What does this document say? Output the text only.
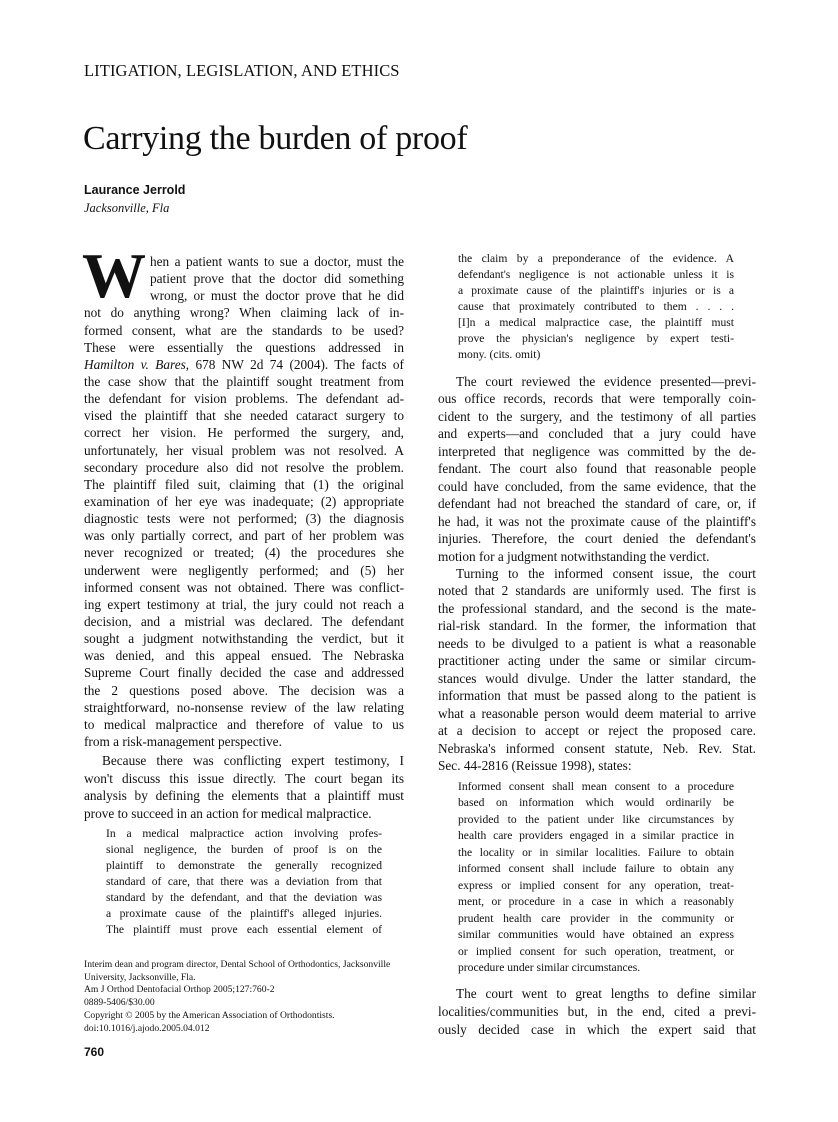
LITIGATION, LEGISLATION, AND ETHICS
Carrying the burden of proof
Laurance Jerrold
Jacksonville, Fla
W hen a patient wants to sue a doctor, must the
patient prove that the doctor did something
wrong, or must the doctor prove that he did
not do anything wrong? When claiming lack of in-
formed consent, what are the standards to be used?
These were essentially the questions addressed in
Hamilton v. Bares, 678 NW 2d 74 (2004). The facts of
the case show that the plaintiff sought treatment from
the defendant for vision problems. The defendant ad-
vised the plaintiff that she needed cataract surgery to
correct her vision. He performed the surgery, and,
unfortunately, her visual problem was not resolved. A
secondary procedure also did not resolve the problem.
The plaintiff filed suit, claiming that (1) the original
examination of her eye was inadequate; (2) appropriate
diagnostic tests were not performed; (3) the diagnosis
was only partially correct, and part of her problem was
never recognized or treated; (4) the procedures she
underwent were negligently performed; and (5) her
informed consent was not obtained. There was conflict-
ing expert testimony at trial, the jury could not reach a
decision, and a mistrial was declared. The defendant
sought a judgment notwithstanding the verdict, but it
was denied, and this appeal ensued. The Nebraska
Supreme Court finally decided the case and addressed
the 2 questions posed above. The decision was a
straightforward, no-nonsense review of the law relating
to medical malpractice and therefore of value to us
from a risk-management perspective.
Because there was conflicting expert testimony, I
won't discuss this issue directly. The court began its
analysis by defining the elements that a plaintiff must
prove to succeed in an action for medical malpractice.
In a medical malpractice action involving profes-
sional negligence, the burden of proof is on the
plaintiff to demonstrate the generally recognized
standard of care, that there was a deviation from that
standard by the defendant, and that the deviation was
a proximate cause of the plaintiff's alleged injuries.
The plaintiff must prove each essential element of
the claim by a preponderance of the evidence. A
defendant's negligence is not actionable unless it is
a proximate cause of the plaintiff's injuries or is a
cause that proximately contributed to them . . . .
[I]n a medical malpractice case, the plaintiff must
prove the physician's negligence by expert testi-
mony. (cits. omit)
The court reviewed the evidence presented—previ-
ous office records, records that were temporally coin-
cident to the surgery, and the testimony of all parties
and experts—and concluded that a jury could have
interpreted that negligence was committed by the de-
fendant. The court also found that reasonable people
could have concluded, from the same evidence, that the
defendant had not breached the standard of care, or, if
he had, it was not the proximate cause of the plaintiff's
injuries. Therefore, the court denied the defendant's
motion for a judgment notwithstanding the verdict.
Turning to the informed consent issue, the court
noted that 2 standards are uniformly used. The first is
the professional standard, and the second is the mate-
rial-risk standard. In the former, the information that
needs to be divulged to a patient is what a reasonable
practitioner acting under the same or similar circum-
stances would divulge. Under the latter standard, the
information that must be passed along to the patient is
what a reasonable person would deem material to arrive
at a decision to accept or reject the proposed care.
Nebraska's informed consent statute, Neb. Rev. Stat.
Sec. 44-2816 (Reissue 1998), states:
Informed consent shall mean consent to a procedure
based on information which would ordinarily be
provided to the patient under like circumstances by
health care providers engaged in a similar practice in
the locality or in similar localities. Failure to obtain
informed consent shall include failure to obtain any
express or implied consent for any operation, treat-
ment, or procedure in a case in which a reasonably
prudent health care provider in the community or
similar communities would have obtained an express
or implied consent for such operation, treatment, or
procedure under similar circumstances.
The court went to great lengths to define similar
localities/communities but, in the end, cited a previ-
ously decided case in which the expert said that
Interim dean and program director, Dental School of Orthodontics, Jacksonville
University, Jacksonville, Fla.
Am J Orthod Dentofacial Orthop 2005;127:760-2
0889-5406/$30.00
Copyright © 2005 by the American Association of Orthodontists.
doi:10.1016/j.ajodo.2005.04.012
760
